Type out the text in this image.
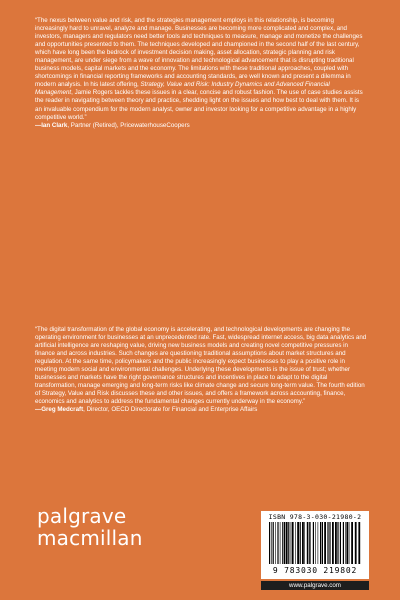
“The nexus between value and risk, and the strategies management employs in this relationship, is becoming increasingly hard to unravel, analyze and manage. Businesses are becoming more complicated and complex, and investors, managers and regulators need better tools and techniques to measure, manage and monetize the challenges and opportunities presented to them. The techniques developed and championed in the second half of the last century, which have long been the bedrock of investment decision making, asset allocation, strategic planning and risk management, are under siege from a wave of innovation and technological advancement that is disrupting traditional business models, capital markets and the economy. The limitations with these traditional approaches, coupled with shortcomings in financial reporting frameworks and accounting standards, are well known and present a dilemma in modern analysis. In his latest offering, Strategy, Value and Risk: Industry Dynamics and Advanced Financial Management, Jamie Rogers tackles these issues in a clear, concise and robust fashion. The use of case studies assists the reader in navigating between theory and practice, shedding light on the issues and how best to deal with them. It is an invaluable compendium for the modern analyst, owner and investor looking for a competitive advantage in a highly competitive world.”

—Ian Clark, Partner (Retired), PricewaterhouseCoopers

“The digital transformation of the global economy is accelerating, and technological developments are changing the operating environment for businesses at an unprecedented rate. Fast, widespread internet access, big data analytics and artificial intelligence are reshaping value, driving new business models and creating novel competitive pressures in finance and across industries. Such changes are questioning traditional assumptions about market structures and regulation. At the same time, policymakers and the public increasingly expect businesses to play a positive role in meeting modern social and environmental challenges. Underlying these developments is the issue of trust; whether businesses and markets have the right governance structures and incentives in place to adapt to the digital transformation, manage emerging and long-term risks like climate change and secure long-term value. The fourth edition of Strategy, Value and Risk discusses these and other issues, and offers a framework across accounting, finance, economics and analytics to address the fundamental changes currently underway in the economy.”

—Greg Medcraft, Director, OECD Directorate for Financial and Enterprise Affairs

palgrave
macmillan
ISBN 978-3-030-21980-2
9 783030 219802
www.palgrave.com
